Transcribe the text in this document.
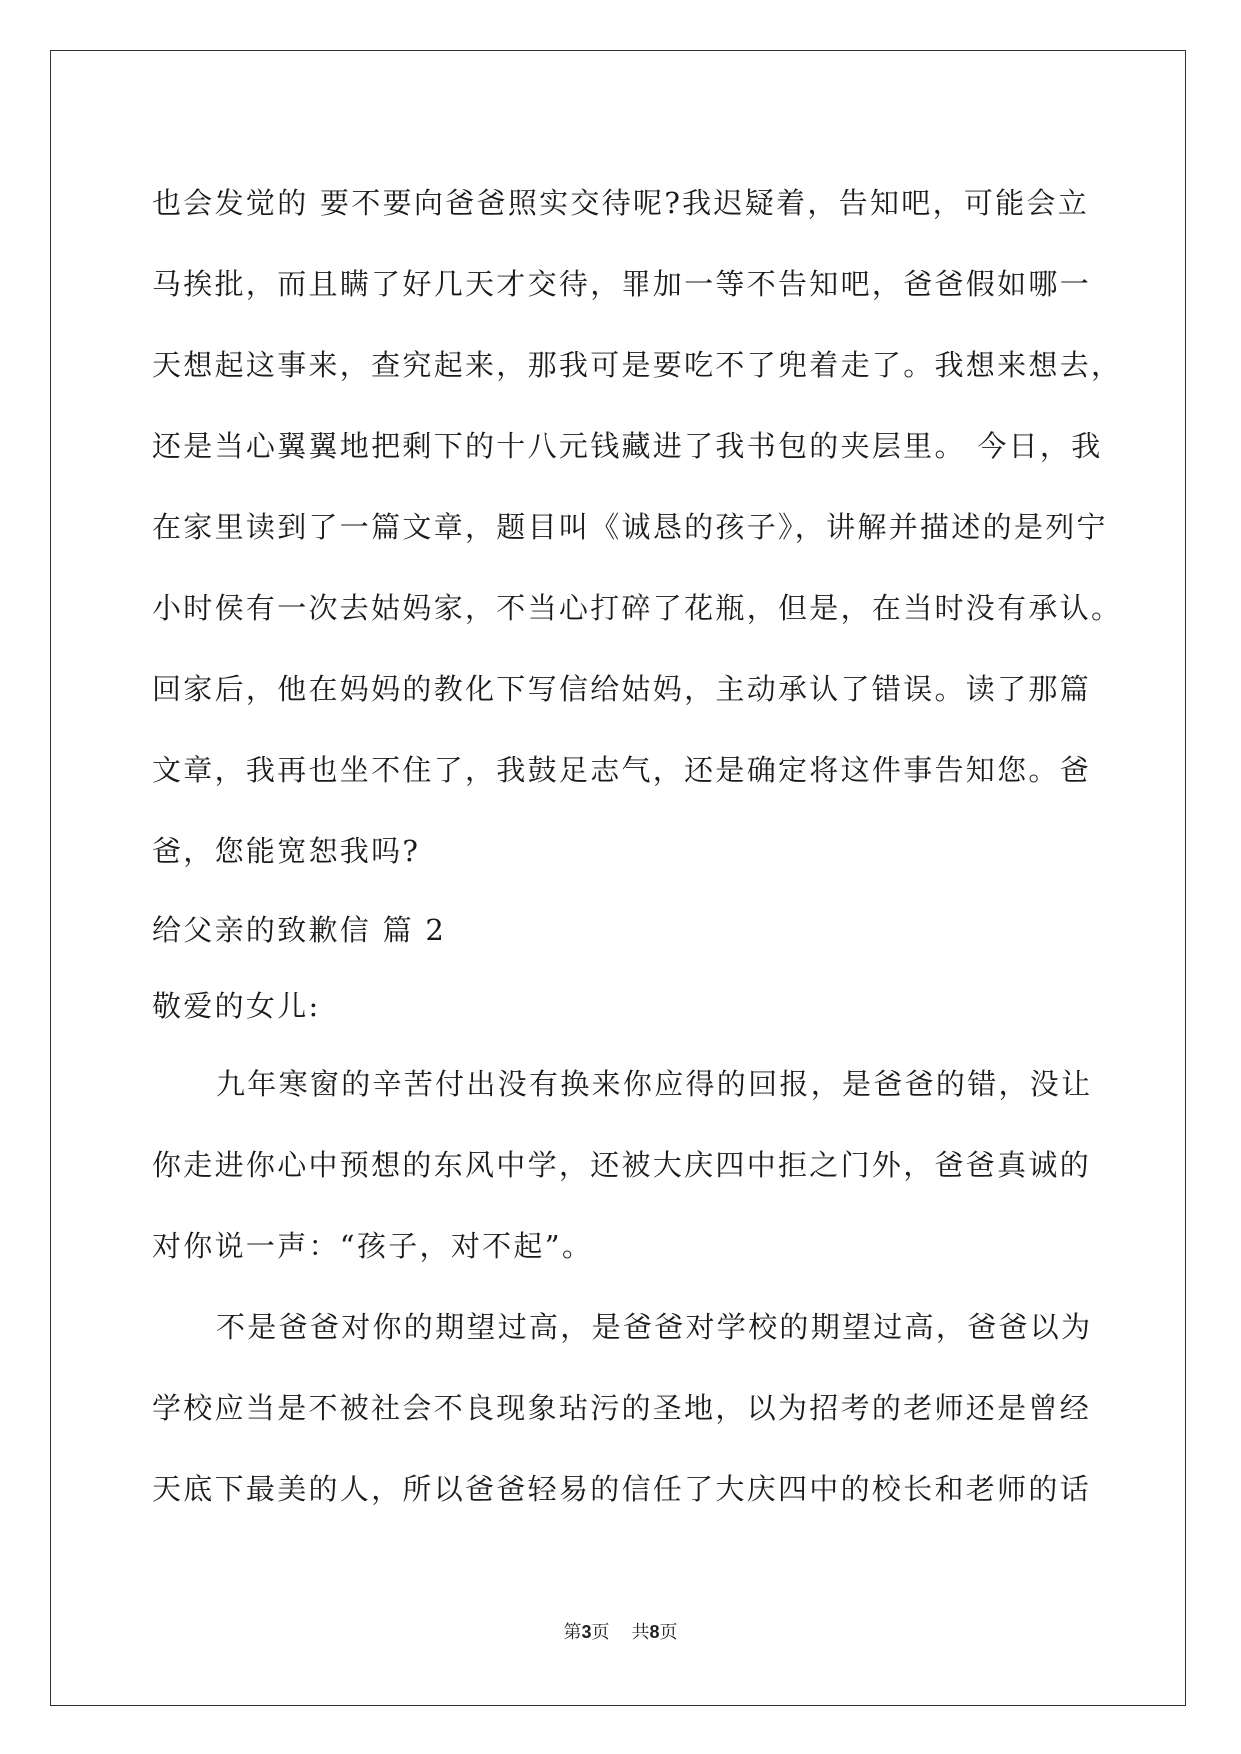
也会发觉的 要不要向爸爸照实交待呢?我迟疑着，告知吧，可能会立
马挨批，而且瞒了好几天才交待，罪加一等不告知吧，爸爸假如哪一
天想起这事来，查究起来，那我可是要吃不了兜着走了。我想来想去，
还是当心翼翼地把剩下的十八元钱藏进了我书包的夹层里。 今日，我
在家里读到了一篇文章，题目叫《诚恳的孩子》，讲解并描述的是列宁
小时侯有一次去姑妈家，不当心打碎了花瓶，但是，在当时没有承认。
回家后，他在妈妈的教化下写信给姑妈，主动承认了错误。读了那篇
文章，我再也坐不住了，我鼓足志气，还是确定将这件事告知您。爸
爸，您能宽恕我吗?
给父亲的致歉信 篇 2
敬爱的女儿:
九年寒窗的辛苦付出没有换来你应得的回报，是爸爸的错，没让
你走进你心中预想的东风中学，还被大庆四中拒之门外，爸爸真诚的
对你说一声：“孩子，对不起”。
不是爸爸对你的期望过高，是爸爸对学校的期望过高，爸爸以为
学校应当是不被社会不良现象玷污的圣地，以为招考的老师还是曾经
天底下最美的人，所以爸爸轻易的信任了大庆四中的校长和老师的话
第3页 共8页
